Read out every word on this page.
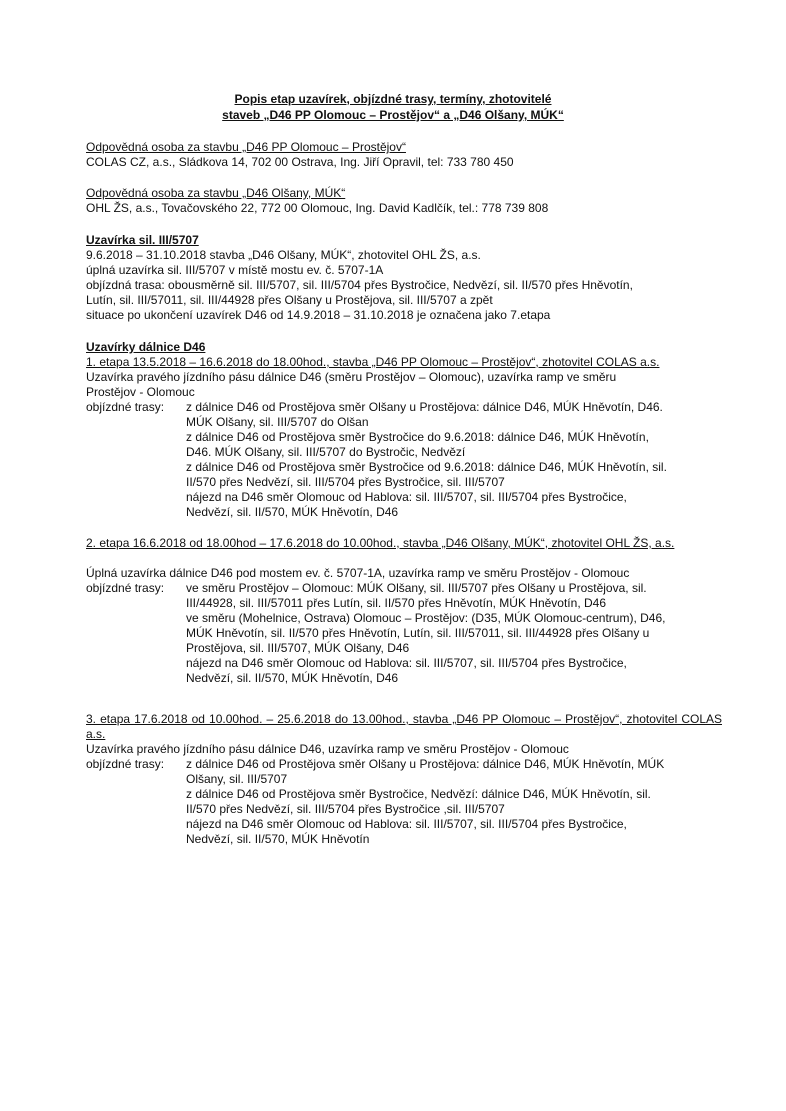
Popis etap uzavírek, objízdné trasy, termíny, zhotovitelé
staveb „D46 PP Olomouc – Prostějov“ a „D46 Olšany, MÚK“
Odpovědná osoba za stavbu „D46 PP Olomouc – Prostějov“
COLAS CZ, a.s., Sládkova 14, 702 00 Ostrava, Ing. Jiří Opravil, tel: 733 780 450
Odpovědná osoba za stavbu „D46 Olšany, MÚK“
OHL ŽS, a.s., Tovačovského 22, 772 00 Olomouc, Ing. David Kadlčík, tel.: 778 739 808
Uzavírka sil. III/5707
9.6.2018 – 31.10.2018 stavba „D46 Olšany, MÚK“, zhotovitel OHL ŽS, a.s.
úplná uzavírka sil. III/5707 v místě mostu ev. č. 5707-1A
objízdná trasa: obousměrně sil. III/5707, sil. III/5704 přes Bystročice, Nedvězí, sil. II/570 přes Hněvotín,
Lutín, sil. III/57011, sil. III/44928 přes Olšany u Prostějova, sil. III/5707 a zpět
situace po ukončení uzavírek D46 od 14.9.2018 – 31.10.2018 je označena jako 7.etapa
Uzavírky dálnice D46
1. etapa 13.5.2018 – 16.6.2018 do 18.00hod., stavba „D46 PP Olomouc – Prostějov“, zhotovitel COLAS a.s.
Uzavírka pravého jízdního pásu dálnice D46 (směru Prostějov – Olomouc), uzavírka ramp ve směru
Prostějov - Olomouc
objízdné trasy: z dálnice D46 od Prostějova směr Olšany u Prostějova: dálnice D46, MÚK Hněvotín, D46.
MÚK Olšany, sil. III/5707 do Olšan
z dálnice D46 od Prostějova směr Bystročice do 9.6.2018: dálnice D46, MÚK Hněvotín,
D46. MÚK Olšany, sil. III/5707 do Bystročic, Nedvězí
z dálnice D46 od Prostějova směr Bystročice od 9.6.2018: dálnice D46, MÚK Hněvotín, sil.
II/570 přes Nedvězí, sil. III/5704 přes Bystročice, sil. III/5707
nájezd na D46 směr Olomouc od Hablova: sil. III/5707, sil. III/5704 přes Bystročice,
Nedvězí, sil. II/570, MÚK Hněvotín, D46
2. etapa 16.6.2018 od 18.00hod – 17.6.2018 do 10.00hod., stavba „D46 Olšany, MÚK“, zhotovitel OHL ŽS, a.s.
Úplná uzavírka dálnice D46 pod mostem ev. č. 5707-1A, uzavírka ramp ve směru Prostějov - Olomouc
objízdné trasy: ve směru Prostějov – Olomouc: MÚK Olšany, sil. III/5707 přes Olšany u Prostějova, sil.
III/44928, sil. III/57011 přes Lutín, sil. II/570 přes Hněvotín, MÚK Hněvotín, D46
ve směru (Mohelnice, Ostrava) Olomouc – Prostějov: (D35, MÚK Olomouc-centrum), D46,
MÚK Hněvotín, sil. II/570 přes Hněvotín, Lutín, sil. III/57011, sil. III/44928 přes Olšany u
Prostějova, sil. III/5707, MÚK Olšany, D46
nájezd na D46 směr Olomouc od Hablova: sil. III/5707, sil. III/5704 přes Bystročice,
Nedvězí, sil. II/570, MÚK Hněvotín, D46
3. etapa 17.6.2018 od 10.00hod. – 25.6.2018 do 13.00hod., stavba „D46 PP Olomouc – Prostějov“, zhotovitel COLAS a.s.
Uzavírka pravého jízdního pásu dálnice D46, uzavírka ramp ve směru Prostějov - Olomouc
objízdné trasy: z dálnice D46 od Prostějova směr Olšany u Prostějova: dálnice D46, MÚK Hněvotín, MÚK
Olšany, sil. III/5707
z dálnice D46 od Prostějova směr Bystročice, Nedvězí: dálnice D46, MÚK Hněvotín, sil.
II/570 přes Nedvězí, sil. III/5704 přes Bystročice ,sil. III/5707
nájezd na D46 směr Olomouc od Hablova: sil. III/5707, sil. III/5704 přes Bystročice,
Nedvězí, sil. II/570, MÚK Hněvotín
